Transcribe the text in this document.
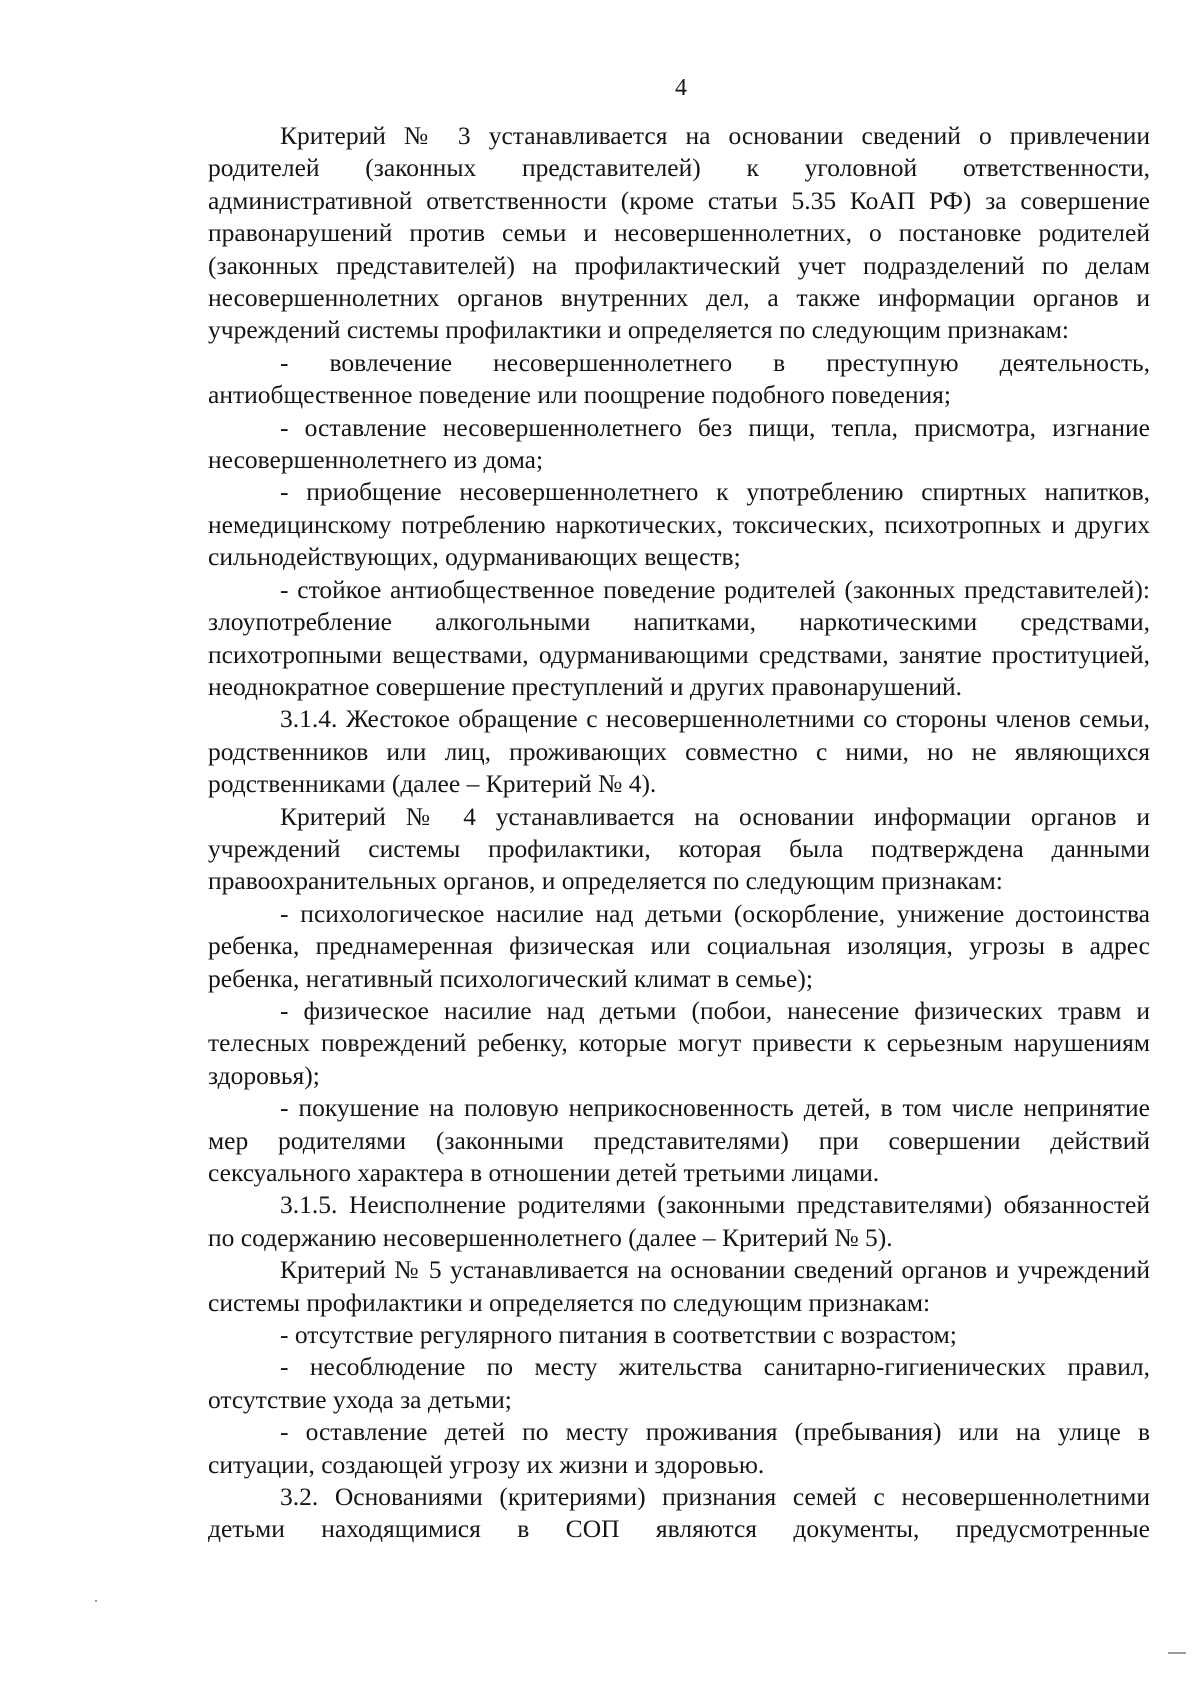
4

Критерий № 3 устанавливается на основании сведений о привлечении родителей (законных представителей) к уголовной ответственности, административной ответственности (кроме статьи 5.35 КоАП РФ) за совершение правонарушений против семьи и несовершеннолетних, о постановке родителей (законных представителей) на профилактический учет подразделений по делам несовершеннолетних органов внутренних дел, а также информации органов и учреждений системы профилактики и определяется по следующим признакам:

- вовлечение несовершеннолетнего в преступную деятельность, антиобщественное поведение или поощрение подобного поведения;

- оставление несовершеннолетнего без пищи, тепла, присмотра, изгнание несовершеннолетнего из дома;

- приобщение несовершеннолетнего к употреблению спиртных напитков, немедицинскому потреблению наркотических, токсических, психотропных и других сильнодействующих, одурманивающих веществ;

- стойкое антиобщественное поведение родителей (законных представителей): злоупотребление алкогольными напитками, наркотическими средствами, психотропными веществами, одурманивающими средствами, занятие проституцией, неоднократное совершение преступлений и других правонарушений.

3.1.4. Жестокое обращение с несовершеннолетними со стороны членов семьи, родственников или лиц, проживающих совместно с ними, но не являющихся родственниками (далее – Критерий № 4).

Критерий № 4 устанавливается на основании информации органов и учреждений системы профилактики, которая была подтверждена данными правоохранительных органов, и определяется по следующим признакам:

- психологическое насилие над детьми (оскорбление, унижение достоинства ребенка, преднамеренная физическая или социальная изоляция, угрозы в адрес ребенка, негативный психологический климат в семье);

- физическое насилие над детьми (побои, нанесение физических травм и телесных повреждений ребенку, которые могут привести к серьезным нарушениям здоровья);

- покушение на половую неприкосновенность детей, в том числе непринятие мер родителями (законными представителями) при совершении действий сексуального характера в отношении детей третьими лицами.

3.1.5. Неисполнение родителями (законными представителями) обязанностей по содержанию несовершеннолетнего (далее – Критерий № 5).

Критерий № 5 устанавливается на основании сведений органов и учреждений системы профилактики и определяется по следующим признакам:

- отсутствие регулярного питания в соответствии с возрастом;

- несоблюдение по месту жительства санитарно-гигиенических правил, отсутствие ухода за детьми;

- оставление детей по месту проживания (пребывания) или на улице в ситуации, создающей угрозу их жизни и здоровью.

3.2. Основаниями (критериями) признания семей с несовершеннолетними детьми находящимися в СОП являются документы, предусмотренные
